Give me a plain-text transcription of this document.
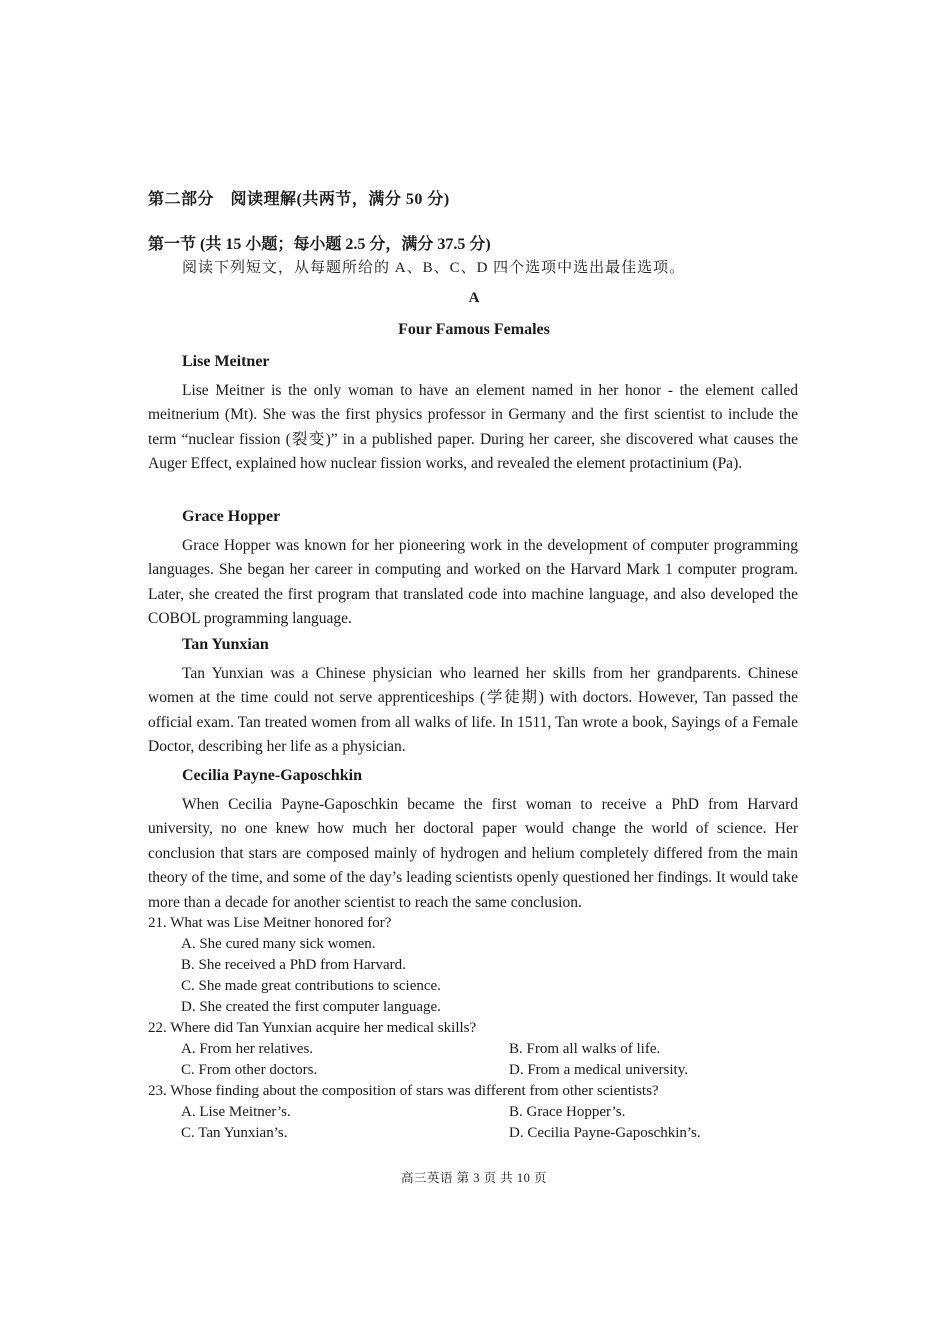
第二部分　阅读理解(共两节，满分 50 分)
第一节 (共 15 小题；每小题 2.5 分，满分 37.5 分)
阅读下列短文，从每题所给的 A、B、C、D 四个选项中选出最佳选项。
A
Four Famous Females
Lise Meitner

Lise Meitner is the only woman to have an element named in her honor - the element called meitnerium (Mt). She was the first physics professor in Germany and the first scientist to include the term “nuclear fission (裂变)” in a published paper. During her career, she discovered what causes the Auger Effect, explained how nuclear fission works, and revealed the element protactinium (Pa).

Grace Hopper

Grace Hopper was known for her pioneering work in the development of computer programming languages. She began her career in computing and worked on the Harvard Mark 1 computer program. Later, she created the first program that translated code into machine language, and also developed the COBOL programming language.

Tan Yunxian

Tan Yunxian was a Chinese physician who learned her skills from her grandparents. Chinese women at the time could not serve apprenticeships (学徒期) with doctors. However, Tan passed the official exam. Tan treated women from all walks of life. In 1511, Tan wrote a book, Sayings of a Female Doctor, describing her life as a physician.

Cecilia Payne-Gaposchkin

When Cecilia Payne-Gaposchkin became the first woman to receive a PhD from Harvard university, no one knew how much her doctoral paper would change the world of science. Her conclusion that stars are composed mainly of hydrogen and helium completely differed from the main theory of the time, and some of the day’s leading scientists openly questioned her findings. It would take more than a decade for another scientist to reach the same conclusion.

21. What was Lise Meitner honored for?
A. She cured many sick women.
B. She received a PhD from Harvard.
C. She made great contributions to science.
D. She created the first computer language.
22. Where did Tan Yunxian acquire her medical skills?
A. From her relatives.	B. From all walks of life.
C. From other doctors.	D. From a medical university.
23. Whose finding about the composition of stars was different from other scientists?
A. Lise Meitner’s.	B. Grace Hopper’s.
C. Tan Yunxian’s.	D. Cecilia Payne-Gaposchkin’s.
高三英语 第 3 页 共 10 页
